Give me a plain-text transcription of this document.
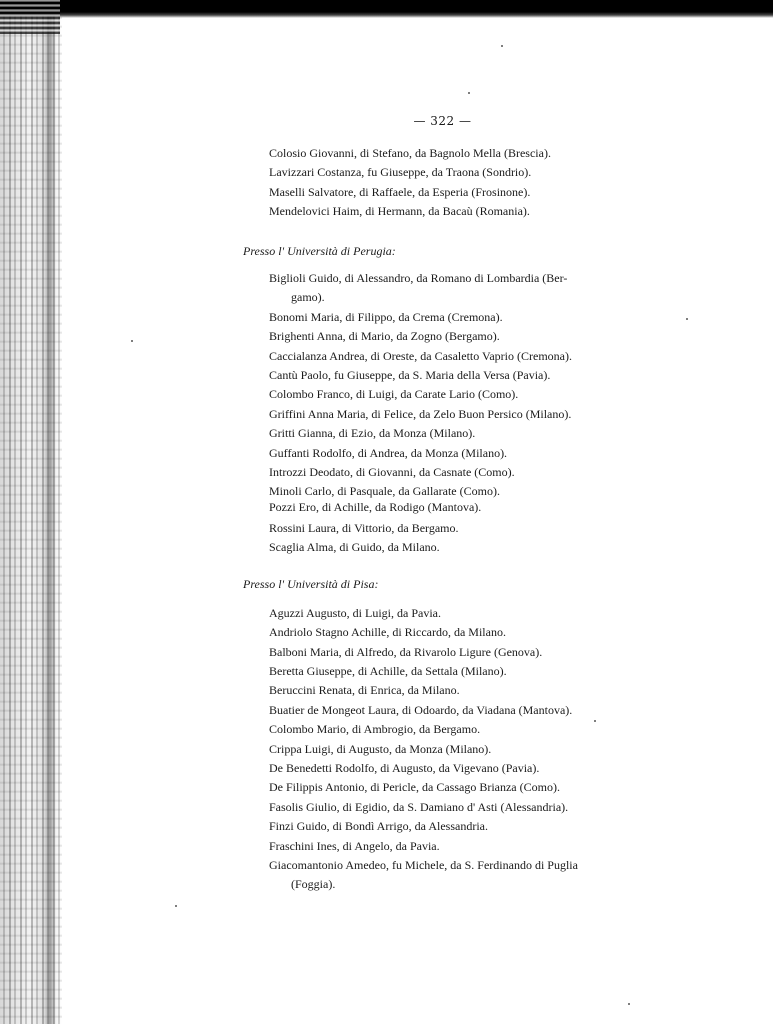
— 322 —
Colosio Giovanni, di Stefano, da Bagnolo Mella (Brescia).
Lavizzari Costanza, fu Giuseppe, da Traona (Sondrio).
Maselli Salvatore, di Raffaele, da Esperia (Frosinone).
Mendelovici Haim, di Hermann, da Bacaù (Romania).
Presso l' Università di Perugia:
Biglioli Guido, di Alessandro, da Romano di Lombardia (Ber-
gamo).
Bonomi Maria, di Filippo, da Crema (Cremona).
Brighenti Anna, di Mario, da Zogno (Bergamo).
Caccialanza Andrea, di Oreste, da Casaletto Vaprio (Cremona).
Cantù Paolo, fu Giuseppe, da S. Maria della Versa (Pavia).
Colombo Franco, di Luigi, da Carate Lario (Como).
Griffini Anna Maria, di Felice, da Zelo Buon Persico (Milano).
Gritti Gianna, di Ezio, da Monza (Milano).
Guffanti Rodolfo, di Andrea, da Monza (Milano).
Introzzi Deodato, di Giovanni, da Casnate (Como).
Minoli Carlo, di Pasquale, da Gallarate (Como).
Pozzi Ero, di Achille, da Rodigo (Mantova).
Rossini Laura, di Vittorio, da Bergamo.
Scaglia Alma, di Guido, da Milano.
Presso l' Università di Pisa:
Aguzzi Augusto, di Luigi, da Pavia.
Andriolo Stagno Achille, di Riccardo, da Milano.
Balboni Maria, di Alfredo, da Rivarolo Ligure (Genova).
Beretta Giuseppe, di Achille, da Settala (Milano).
Beruccini Renata, di Enrica, da Milano.
Buatier de Mongeot Laura, di Odoardo, da Viadana (Mantova).
Colombo Mario, di Ambrogio, da Bergamo.
Crippa Luigi, di Augusto, da Monza (Milano).
De Benedetti Rodolfo, di Augusto, da Vigevano (Pavia).
De Filippis Antonio, di Pericle, da Cassago Brianza (Como).
Fasolis Giulio, di Egidio, da S. Damiano d' Asti (Alessandria).
Finzi Guido, di Bondì Arrigo, da Alessandria.
Fraschini Ines, di Angelo, da Pavia.
Giacomantonio Amedeo, fu Michele, da S. Ferdinando di Puglia
(Foggia).
